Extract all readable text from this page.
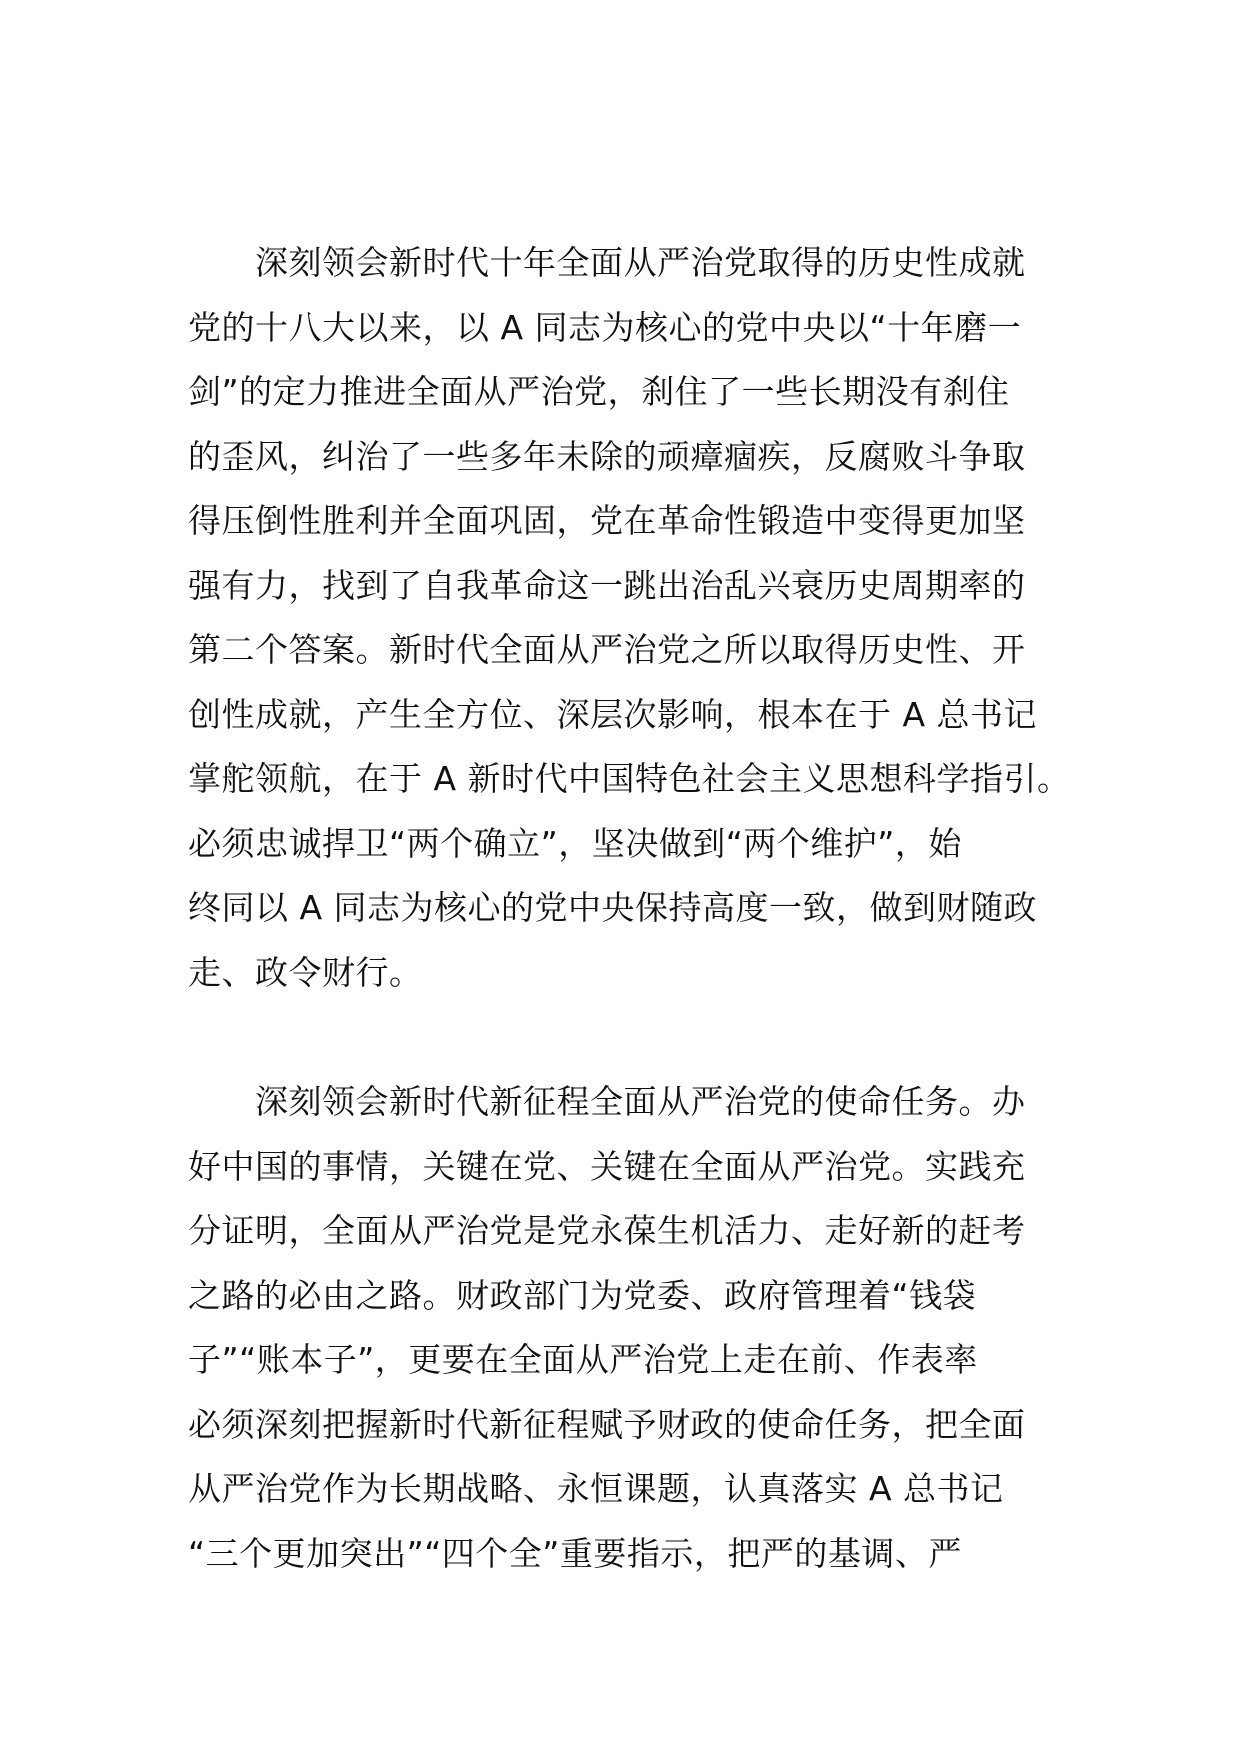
　　深刻领会新时代十年全面从严治党取得的历史性成就
党的十八大以来，以 A 同志为核心的党中央以“十年磨一
剑”的定力推进全面从严治党，刹住了一些长期没有刹住
的歪风，纠治了一些多年未除的顽瘴痼疾，反腐败斗争取
得压倒性胜利并全面巩固，党在革命性锻造中变得更加坚
强有力，找到了自我革命这一跳出治乱兴衰历史周期率的
第二个答案。新时代全面从严治党之所以取得历史性、开
创性成就，产生全方位、深层次影响，根本在于 A 总书记
掌舵领航，在于 A 新时代中国特色社会主义思想科学指引。
必须忠诚捍卫“两个确立”，坚决做到“两个维护”，始
终同以 A 同志为核心的党中央保持高度一致，做到财随政
走、政令财行。
　　深刻领会新时代新征程全面从严治党的使命任务。办
好中国的事情，关键在党、关键在全面从严治党。实践充
分证明，全面从严治党是党永葆生机活力、走好新的赶考
之路的必由之路。财政部门为党委、政府管理着“钱袋
子”“账本子”，更要在全面从严治党上走在前、作表率
必须深刻把握新时代新征程赋予财政的使命任务，把全面
从严治党作为长期战略、永恒课题，认真落实 A 总书记
“三个更加突出”“四个全”重要指示，把严的基调、严
